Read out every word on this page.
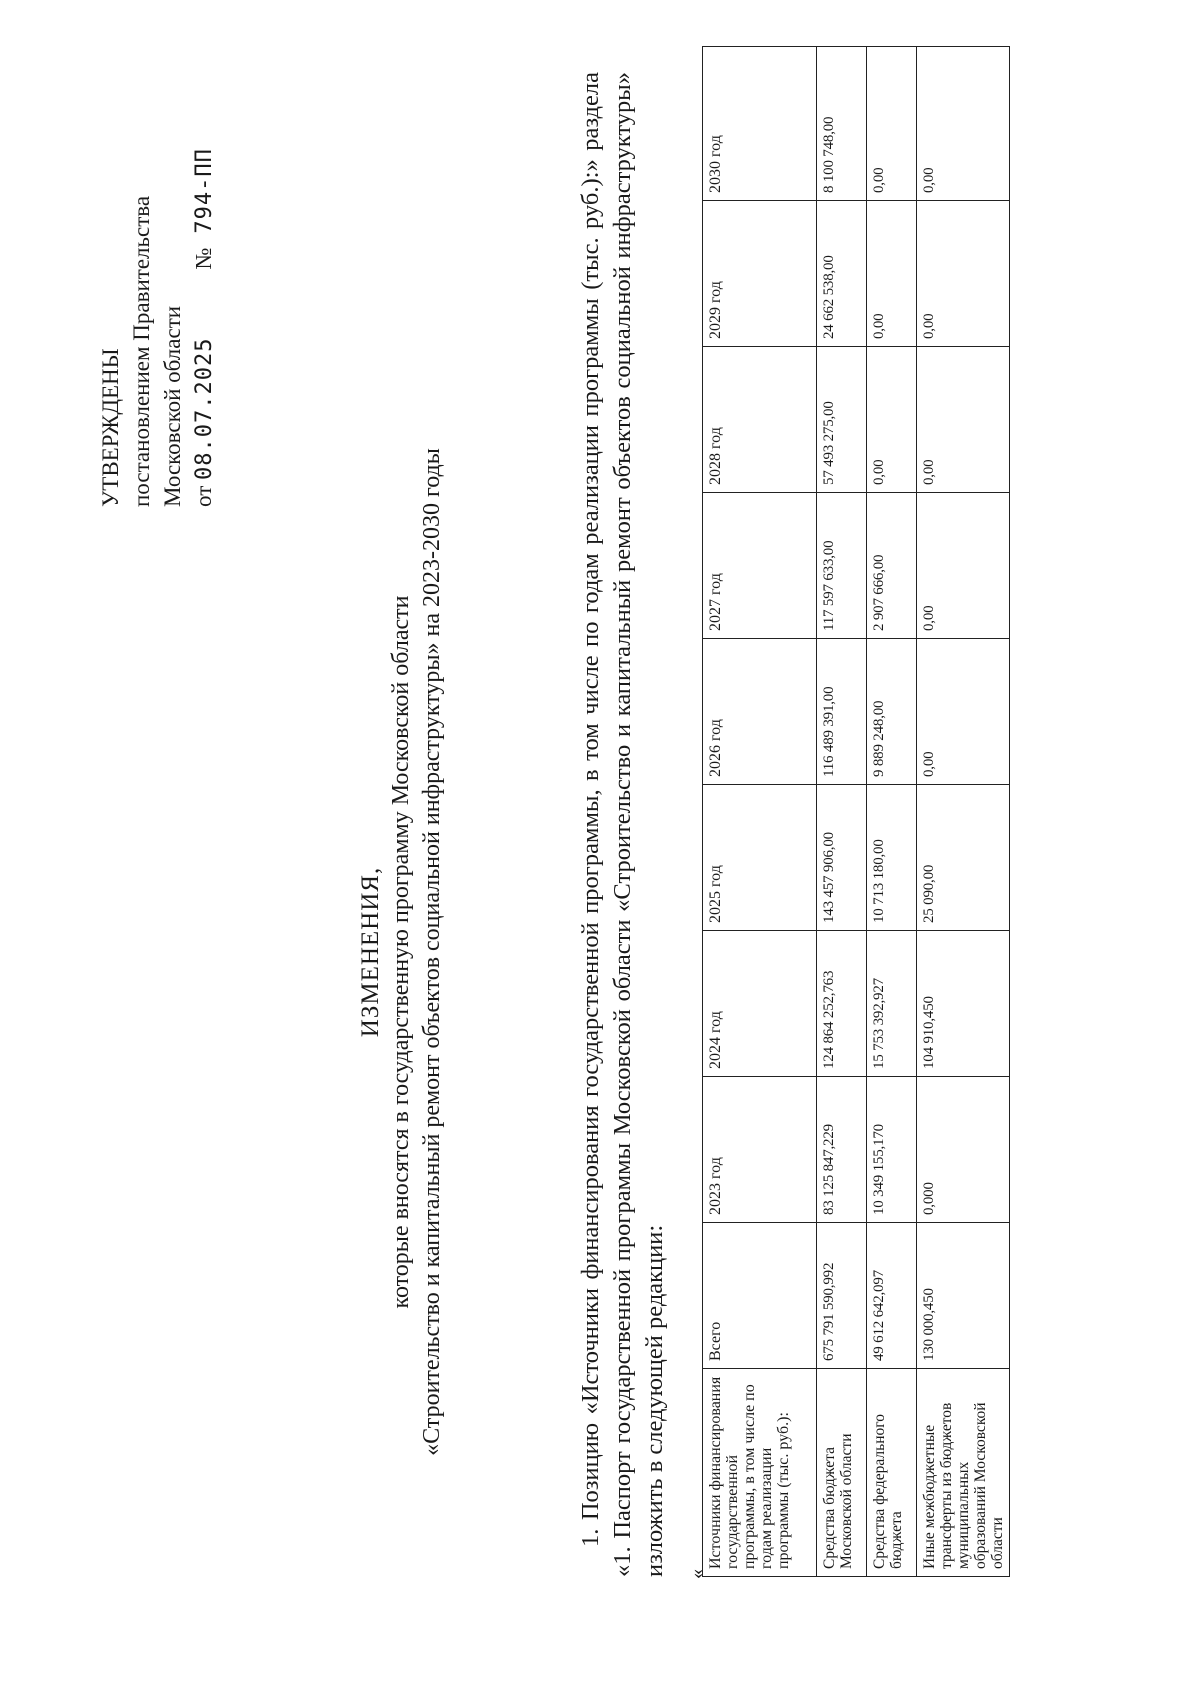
УТВЕРЖДЕНЫ постановлением Правительства Московской области от

08.07.2025
№
794-ПП
ИЗМЕНЕНИЯ, которые вносятся в государственную программу Московской области «Строительство и капитальный ремонт объектов социальной инфраструктуры» на 2023-2030 годы	1. Позицию «Источники финансирования государственной программы, в том числе по годам реализации программы (тыс. руб.):» раздела «1. Паспорт государственной программы Московской области «Строительство и капитальный ремонт объектов социальной инфраструктуры» изложить в следующей редакции: «
Источники финансирования государственной программы, в том числе по годам реализации программы (тыс. руб.):	Всего	2023 год	2024 год	2025 год	2026 год	2027 год	2028 год	2029 год	2030 год
Средства бюджета Московской области	675 791 590,992	83 125 847,229	124 864 252,763	143 457 906,00	116 489 391,00	117 597 633,00	57 493 275,00	24 662 538,00	8 100 748,00
Средства федерального бюджета	49 612 642,097	10 349 155,170	15 753 392,927	10 713 180,00	9 889 248,00	2 907 666,00	0,00	0,00	0,00
Иные межбюджетные трансферты из бюджетов муниципальных образований Московской области	130 000,450	0,000	104 910,450	25 090,00	0,00	0,00	0,00	0,00	0,00
